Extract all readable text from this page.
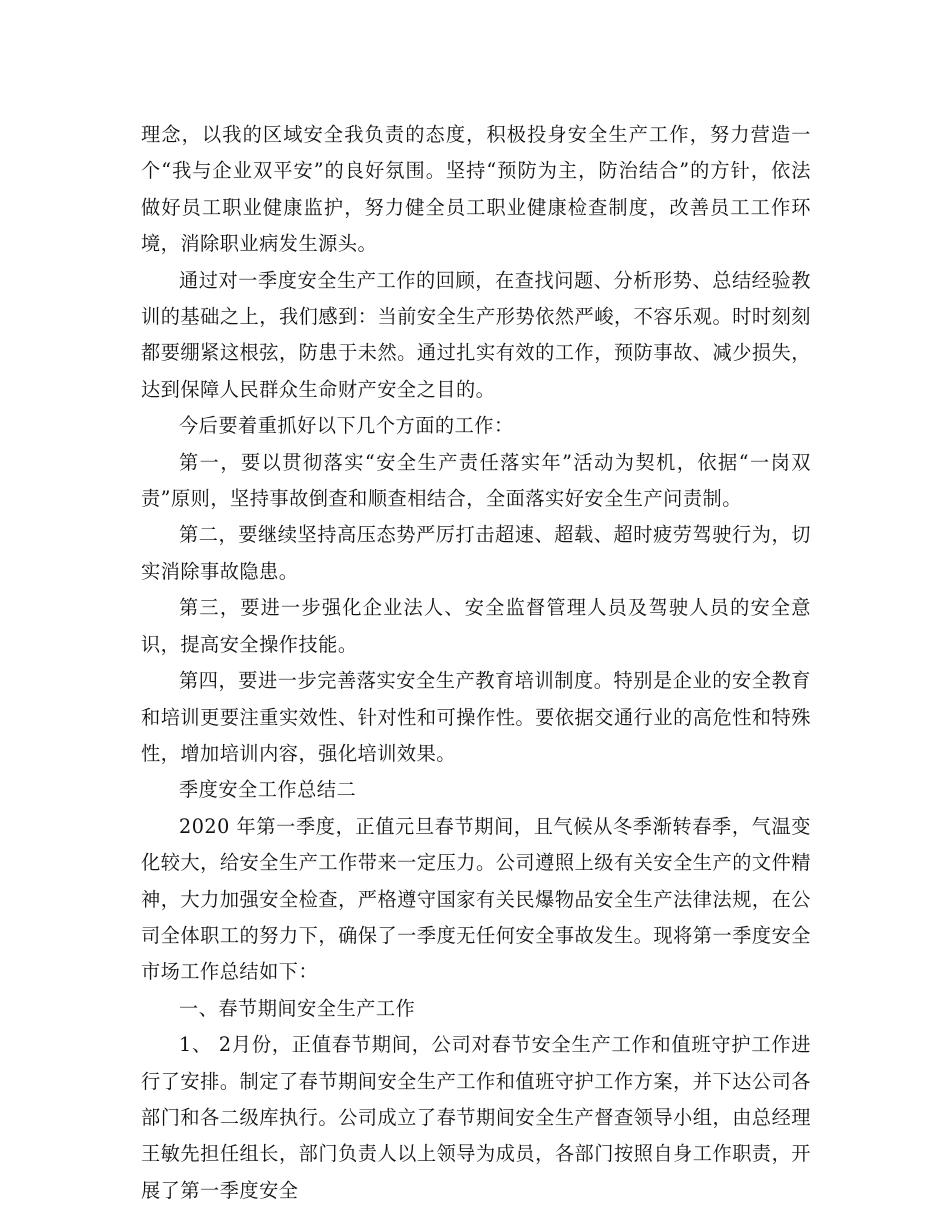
理念，以我的区域安全我负责的态度，积极投身安全生产工作，努力营造一个“我与企业双平安”的良好氛围。坚持“预防为主，防治结合”的方针，依法做好员工职业健康监护，努力健全员工职业健康检查制度，改善员工工作环境，消除职业病发生源头。

通过对一季度安全生产工作的回顾，在查找问题、分析形势、总结经验教训的基础之上，我们感到：当前安全生产形势依然严峻，不容乐观。时时刻刻都要绷紧这根弦，防患于未然。通过扎实有效的工作，预防事故、减少损失，达到保障人民群众生命财产安全之目的。

今后要着重抓好以下几个方面的工作：

第一，要以贯彻落实“安全生产责任落实年”活动为契机，依据“一岗双责”原则，坚持事故倒查和顺查相结合，全面落实好安全生产问责制。

第二，要继续坚持高压态势严厉打击超速、超载、超时疲劳驾驶行为，切实消除事故隐患。

第三，要进一步强化企业法人、安全监督管理人员及驾驶人员的安全意识，提高安全操作技能。

第四，要进一步完善落实安全生产教育培训制度。特别是企业的安全教育和培训更要注重实效性、针对性和可操作性。要依据交通行业的高危性和特殊性，增加培训内容，强化培训效果。

季度安全工作总结二

2020 年第一季度，正值元旦春节期间，且气候从冬季渐转春季，气温变化较大，给安全生产工作带来一定压力。公司遵照上级有关安全生产的文件精神，大力加强安全检查，严格遵守国家有关民爆物品安全生产法律法规，在公司全体职工的努力下，确保了一季度无任何安全事故发生。现将第一季度安全市场工作总结如下：

一、春节期间安全生产工作

1、 2月份，正值春节期间，公司对春节安全生产工作和值班守护工作进行了安排。制定了春节期间安全生产工作和值班守护工作方案，并下达公司各部门和各二级库执行。公司成立了春节期间安全生产督查领导小组，由总经理王敏先担任组长，部门负责人以上领导为成员，各部门按照自身工作职责，开展了第一季度安全
